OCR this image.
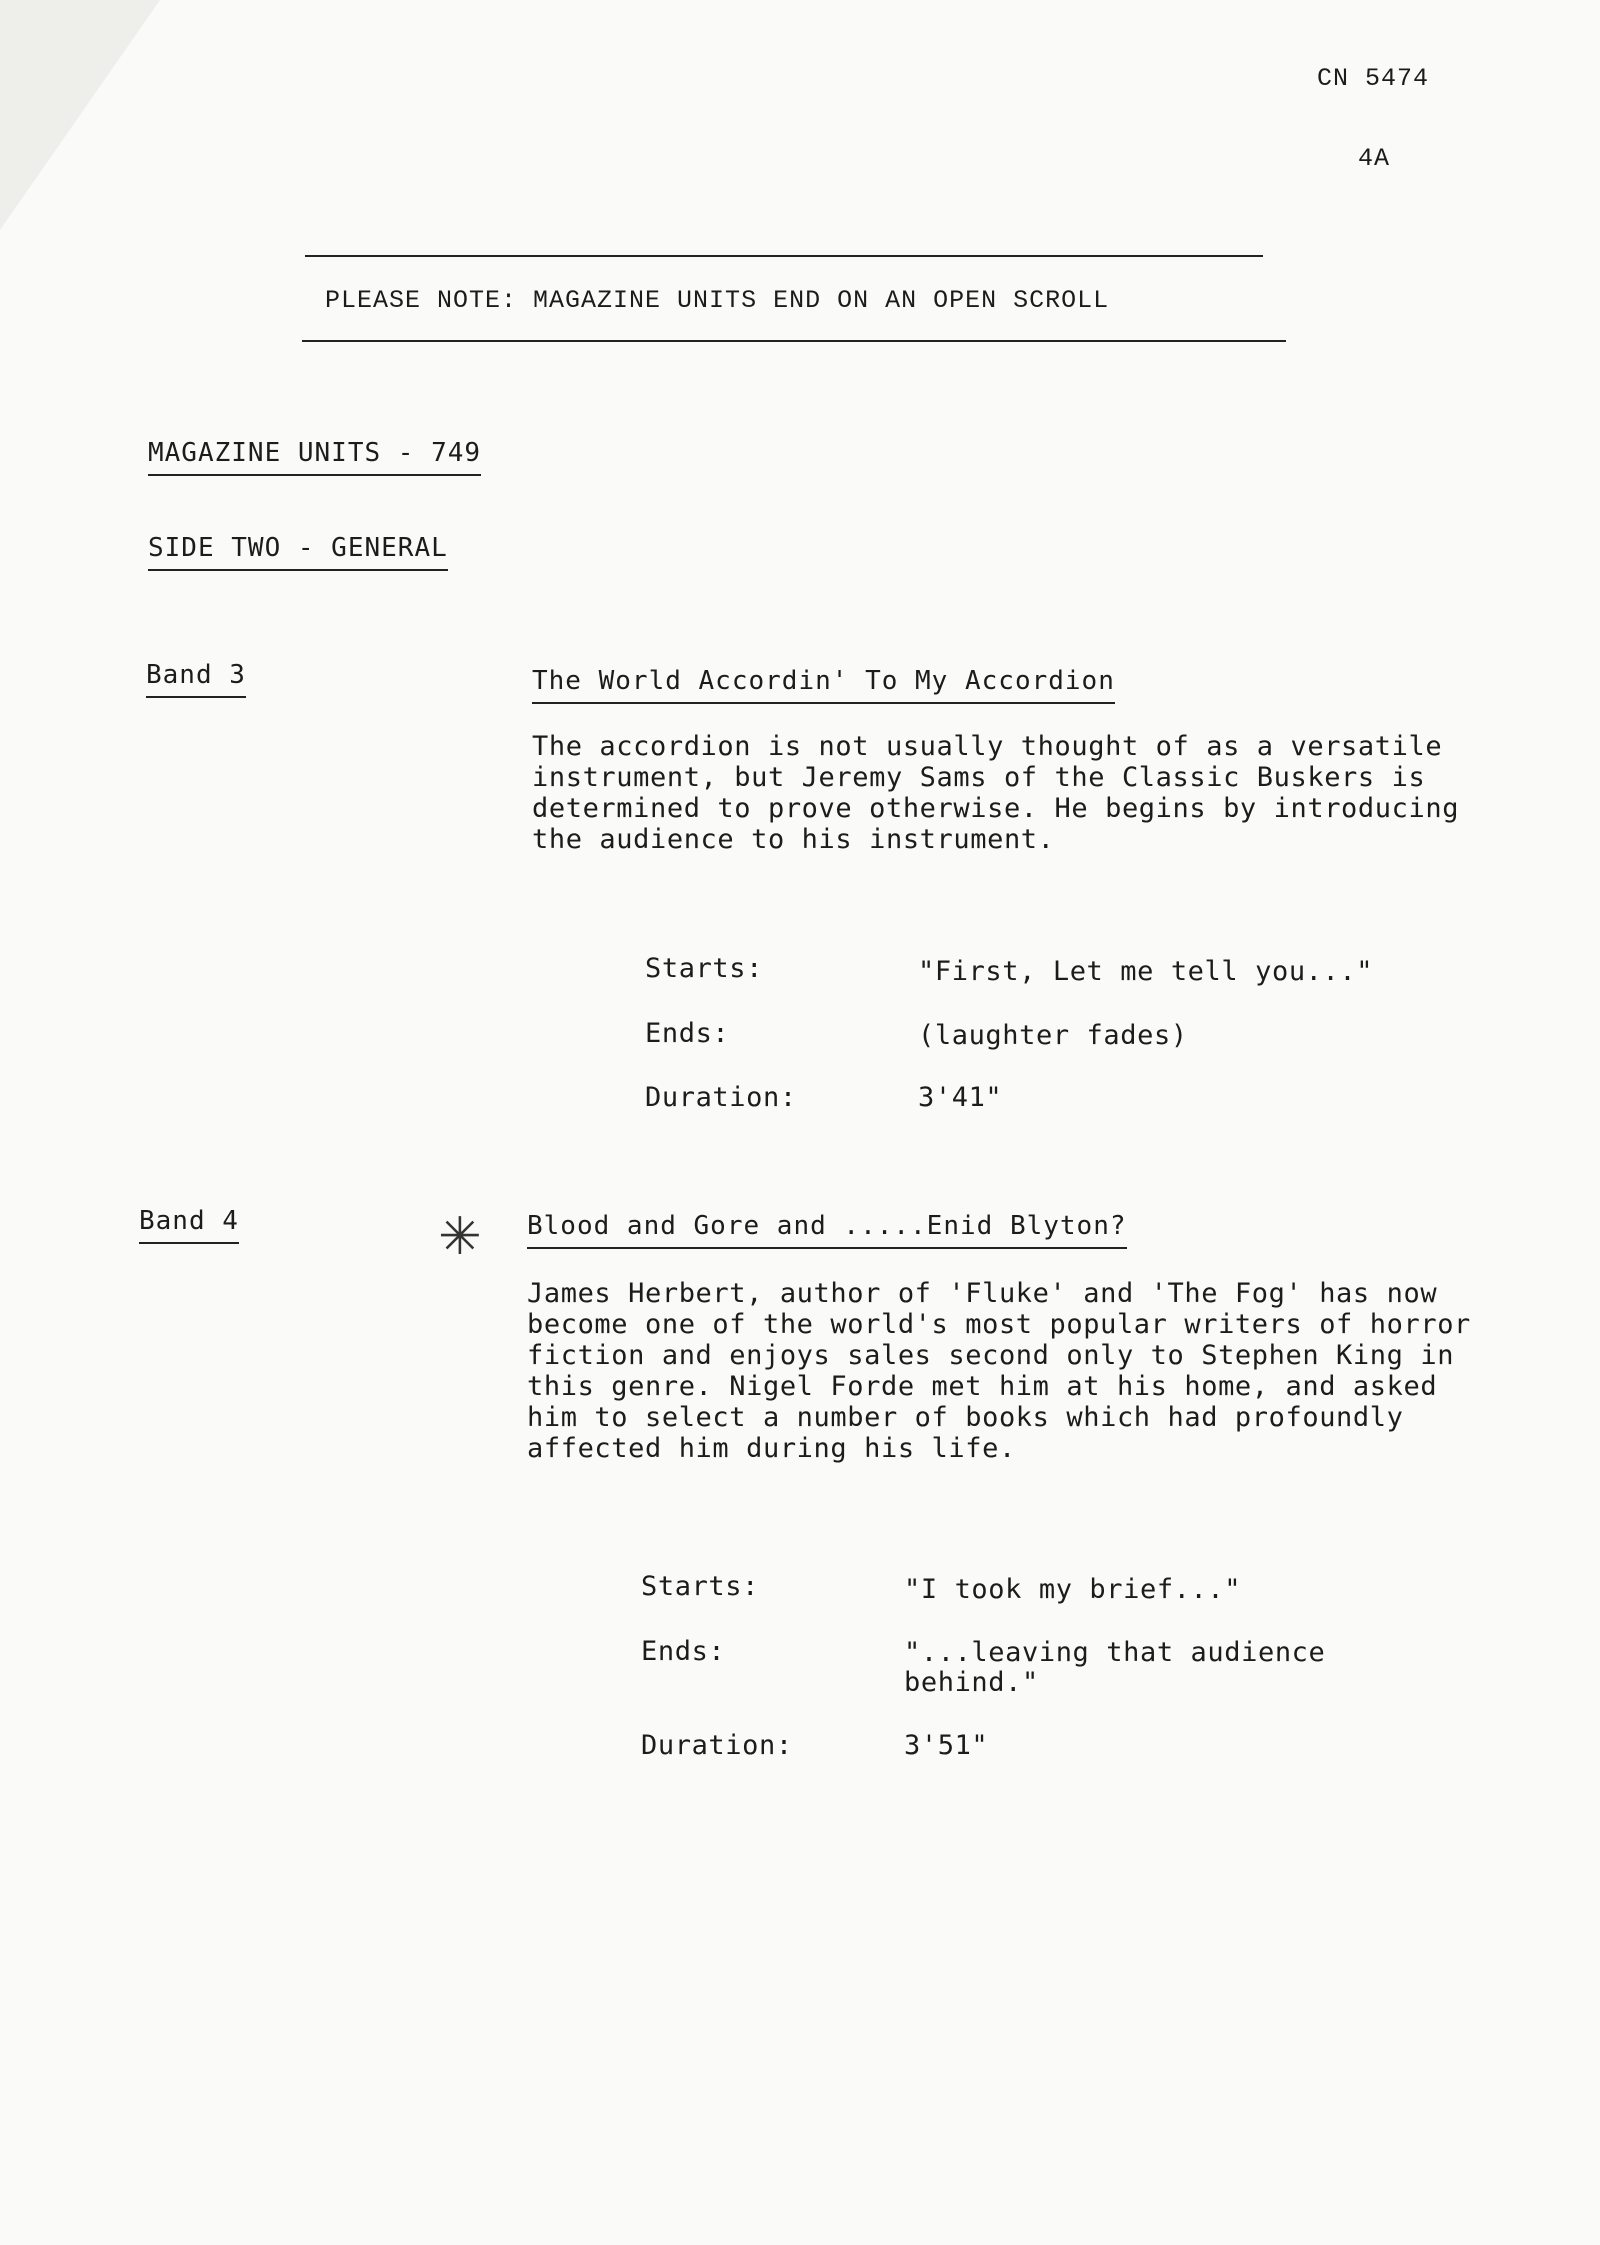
CN 5474
4A
PLEASE NOTE: MAGAZINE UNITS END ON AN OPEN SCROLL
MAGAZINE UNITS - 749
SIDE TWO - GENERAL
Band 3	The World Accordin' To My Accordion
The accordion is not usually thought of as a versatile instrument, but Jeremy Sams of the Classic Buskers is determined to prove otherwise. He begins by introducing the audience to his instrument.
Starts:	"First, Let me tell you..."
Ends:	(laughter fades)
Duration:	3'41"
Band 4	✳ Blood and Gore and .....Enid Blyton?
James Herbert, author of 'Fluke' and 'The Fog' has now become one of the world's most popular writers of horror fiction and enjoys sales second only to Stephen King in this genre. Nigel Forde met him at his home, and asked him to select a number of books which had profoundly affected him during his life.
Starts:	"I took my brief..."
Ends:	"...leaving that audience behind."
Duration:	3'51"
